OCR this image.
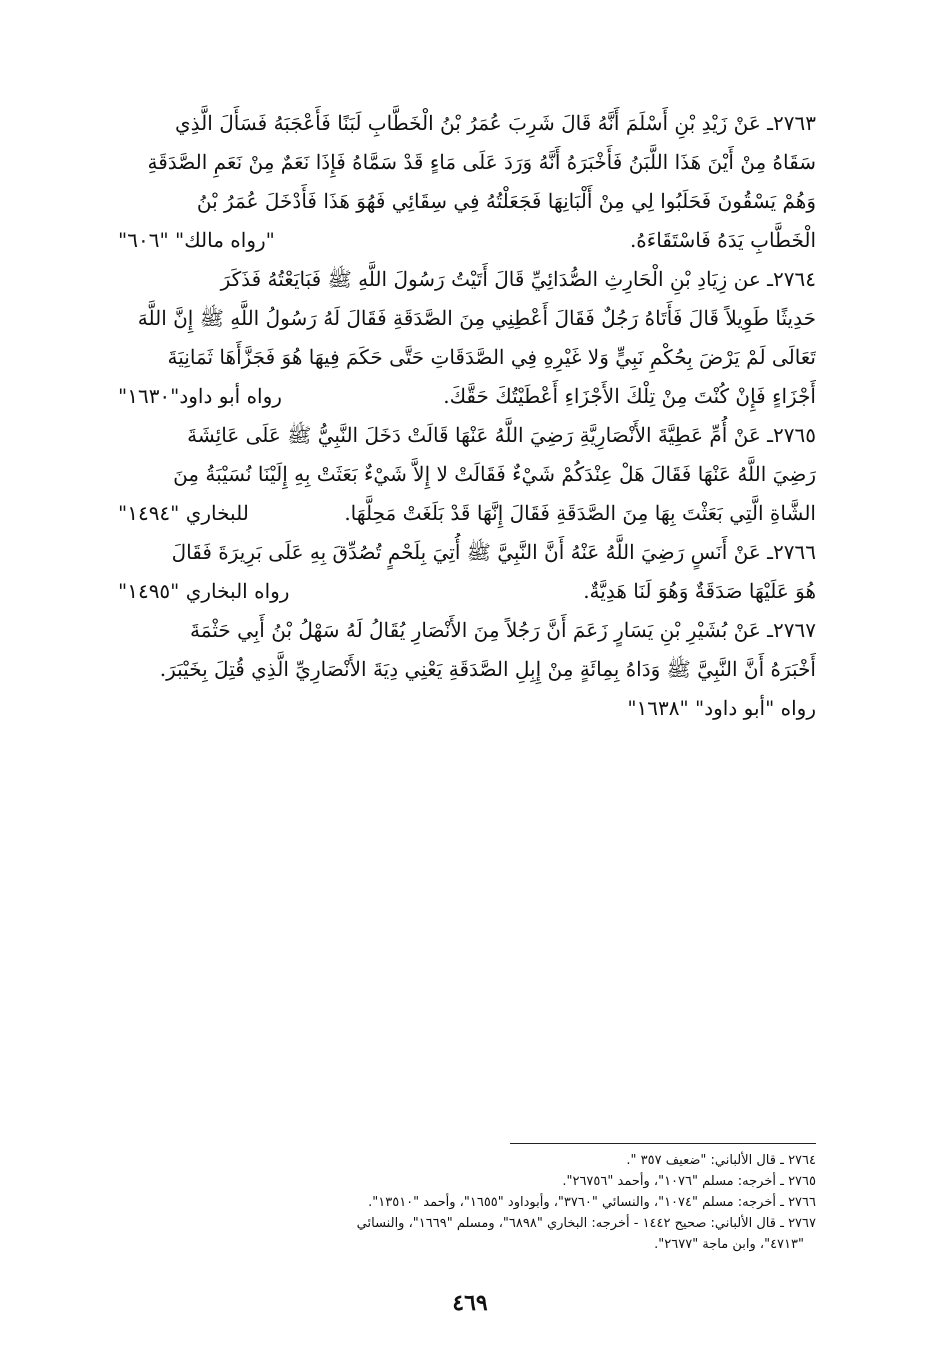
٢٧٦٣ـ عَنْ زَيْدِ بْنِ أَسْلَمَ أَنَّهُ قَالَ شَرِبَ عُمَرُ بْنُ الْخَطَّابِ لَبَنًا فَأَعْجَبَهُ فَسَأَلَ الَّذِي
سَقَاهُ مِنْ أَيْنَ هَذَا اللَّبَنُ فَأَخْبَرَهُ أَنَّهُ وَرَدَ عَلَى مَاءٍ قَدْ سَمَّاهُ فَإِذَا نَعَمٌ مِنْ نَعَمِ الصَّدَقَةِ
وَهُمْ يَسْقُونَ فَحَلَبُوا لِي مِنْ أَلْبَانِهَا فَجَعَلْتُهُ فِي سِقَائِي فَهُوَ هَذَا فَأَدْخَلَ عُمَرُ بْنُ
الْخَطَّابِ يَدَهُ فَاسْتَقَاءَهُ.
"رواه مالك" "٦٠٦"
٢٧٦٤ـ عن زِيَادِ بْنِ الْحَارِثِ الصُّدَائِيِّ قَالَ أَتَيْتُ رَسُولَ اللَّهِ ﷺ فَبَايَعْتُهُ فَذَكَرَ
حَدِيثًا طَوِيلاً قَالَ فَأَتَاهُ رَجُلٌ فَقَالَ أَعْطِنِي مِنَ الصَّدَقَةِ فَقَالَ لَهُ رَسُولُ اللَّهِ ﷺ إِنَّ اللَّهَ
تَعَالَى لَمْ يَرْضَ بِحُكْمِ نَبِيٍّ وَلا غَيْرِهِ فِي الصَّدَقَاتِ حَتَّى حَكَمَ فِيهَا هُوَ فَجَزَّأَهَا ثَمَانِيَةَ
أَجْزَاءٍ فَإِنْ كُنْتَ مِنْ تِلْكَ الأَجْزَاءِ أَعْطَيْتُكَ حَقَّكَ.
رواه أبو داود"١٦٣٠"
٢٧٦٥ـ عَنْ أُمِّ عَطِيَّةَ الأَنْصَارِيَّةِ رَضِيَ اللَّهُ عَنْهَا قَالَتْ دَخَلَ النَّبِيُّ ﷺ عَلَى عَائِشَةَ
رَضِيَ اللَّهُ عَنْهَا فَقَالَ هَلْ عِنْدَكُمْ شَيْءٌ فَقَالَتْ لا إِلاَّ شَيْءٌ بَعَثَتْ بِهِ إِلَيْنَا نُسَيْبَةُ مِنَ
الشَّاةِ الَّتِي بَعَثْتَ بِهَا مِنَ الصَّدَقَةِ فَقَالَ إِنَّهَا قَدْ بَلَغَتْ مَحِلَّهَا.
للبخاري "١٤٩٤"
٢٧٦٦ـ عَنْ أَنَسٍ رَضِيَ اللَّهُ عَنْهُ أَنَّ النَّبِيَّ ﷺ أُتِيَ بِلَحْمٍ تُصُدِّقَ بِهِ عَلَى بَرِيرَةَ فَقَالَ
هُوَ عَلَيْهَا صَدَقَةٌ وَهُوَ لَنَا هَدِيَّةٌ.
رواه البخاري "١٤٩٥"
٢٧٦٧ـ عَنْ بُشَيْرِ بْنِ يَسَارٍ زَعَمَ أَنَّ رَجُلاً مِنَ الأَنْصَارِ يُقَالُ لَهُ سَهْلُ بْنُ أَبِي حَثْمَةَ
أَخْبَرَهُ أَنَّ النَّبِيَّ ﷺ وَدَاهُ بِمِائَةٍ مِنْ إِبِلِ الصَّدَقَةِ يَعْنِي دِيَةَ الأَنْصَارِيِّ الَّذِي قُتِلَ بِخَيْبَرَ.
رواه "أبو داود" "١٦٣٨"
٢٧٦٤ ـ قال الألباني: "ضعيف ٣٥٧ ".
٢٧٦٥ ـ أخرجه: مسلم "١٠٧٦"، وأحمد "٢٦٧٥٦".
٢٧٦٦ ـ أخرجه: مسلم "١٠٧٤"، والنسائي "٣٧٦٠"، وأبوداود "١٦٥٥"، وأحمد "١٣٥١٠".
٢٧٦٧ ـ قال الألباني: صحيح ١٤٤٢ - أخرجه: البخاري "٦٨٩٨"، ومسلم "١٦٦٩"، والنسائي
"٤٧١٣"، وابن ماجة "٢٦٧٧".
٤٦٩
